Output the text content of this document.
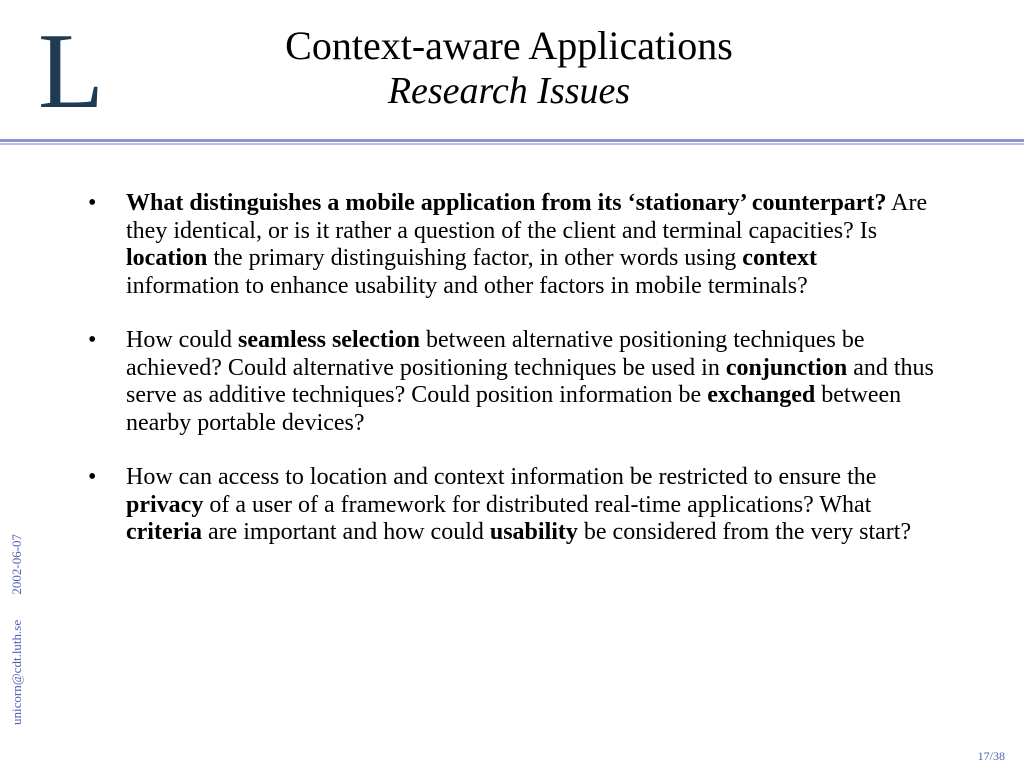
L	Context-aware Applications
Research Issues
• What distinguishes a mobile application from its ‘stationary’ counterpart? Are they identical, or is it rather a question of the client and terminal capacities? Is location the primary distinguishing factor, in other words using context information to enhance usability and other factors in mobile terminals?
• How could seamless selection between alternative positioning techniques be achieved? Could alternative positioning techniques be used in conjunction and thus serve as additive techniques? Could position information be exchanged between nearby portable devices?
• How can access to location and context information be restricted to ensure the privacy of a user of a framework for distributed real-time applications? What criteria are important and how could usability be considered from the very start?
unicorn@cdt.luth.se 2002-06-07
17/38
